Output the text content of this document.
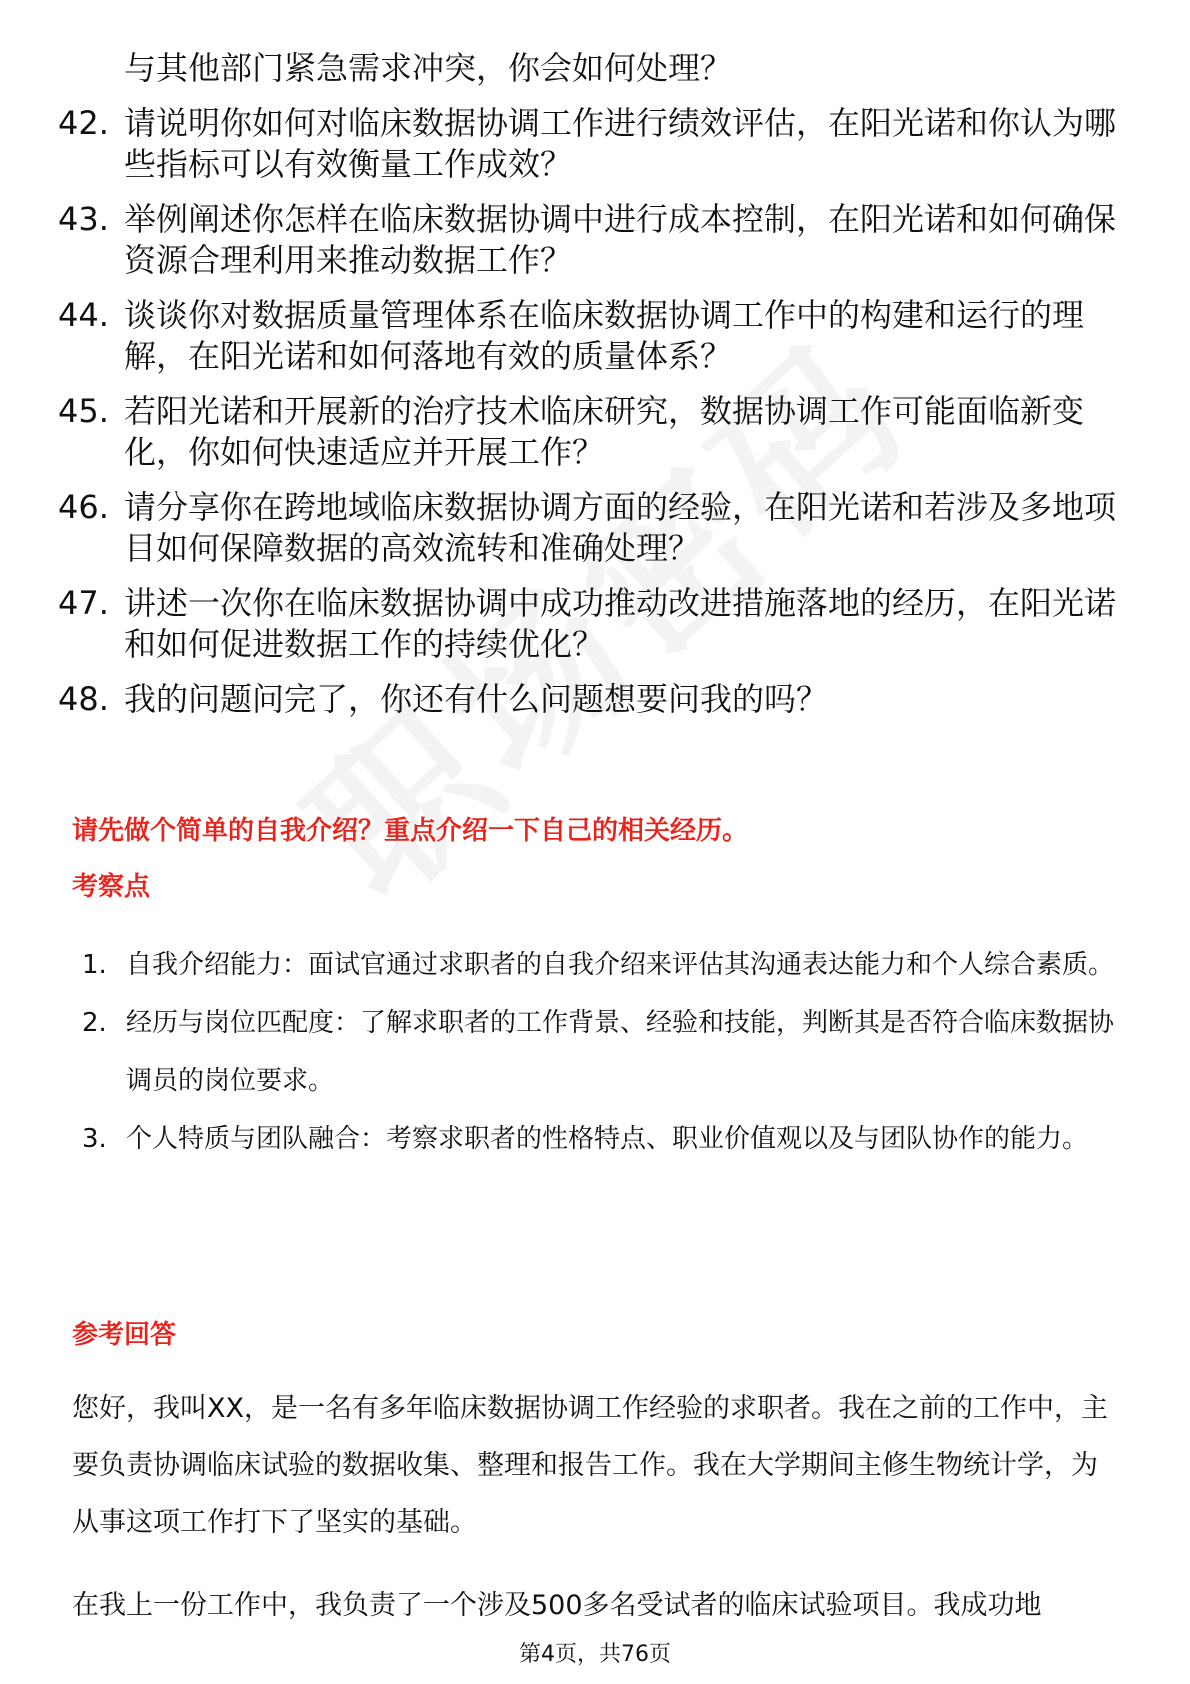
与其他部门紧急需求冲突，你会如何处理？
42. 请说明你如何对临床数据协调工作进行绩效评估，在阳光诺和你认为哪些指标可以有效衡量工作成效？
43. 举例阐述你怎样在临床数据协调中进行成本控制，在阳光诺和如何确保资源合理利用来推动数据工作？
44. 谈谈你对数据质量管理体系在临床数据协调工作中的构建和运行的理解，在阳光诺和如何落地有效的质量体系？
45. 若阳光诺和开展新的治疗技术临床研究，数据协调工作可能面临新变化，你如何快速适应并开展工作？
46. 请分享你在跨地域临床数据协调方面的经验，在阳光诺和若涉及多地项目如何保障数据的高效流转和准确处理？
47. 讲述一次你在临床数据协调中成功推动改进措施落地的经历，在阳光诺和如何促进数据工作的持续优化？
48. 我的问题问完了，你还有什么问题想要问我的吗？
请先做个简单的自我介绍？重点介绍一下自己的相关经历。
考察点
1. 自我介绍能力：面试官通过求职者的自我介绍来评估其沟通表达能力和个人综合素质。
2. 经历与岗位匹配度：了解求职者的工作背景、经验和技能，判断其是否符合临床数据协调员的岗位要求。
3. 个人特质与团队融合：考察求职者的性格特点、职业价值观以及与团队协作的能力。
参考回答
您好，我叫XX，是一名有多年临床数据协调工作经验的求职者。我在之前的工作中，主要负责协调临床试验的数据收集、整理和报告工作。我在大学期间主修生物统计学，为从事这项工作打下了坚实的基础。
在我上一份工作中，我负责了一个涉及500多名受试者的临床试验项目。我成功地
第4页，共76页
